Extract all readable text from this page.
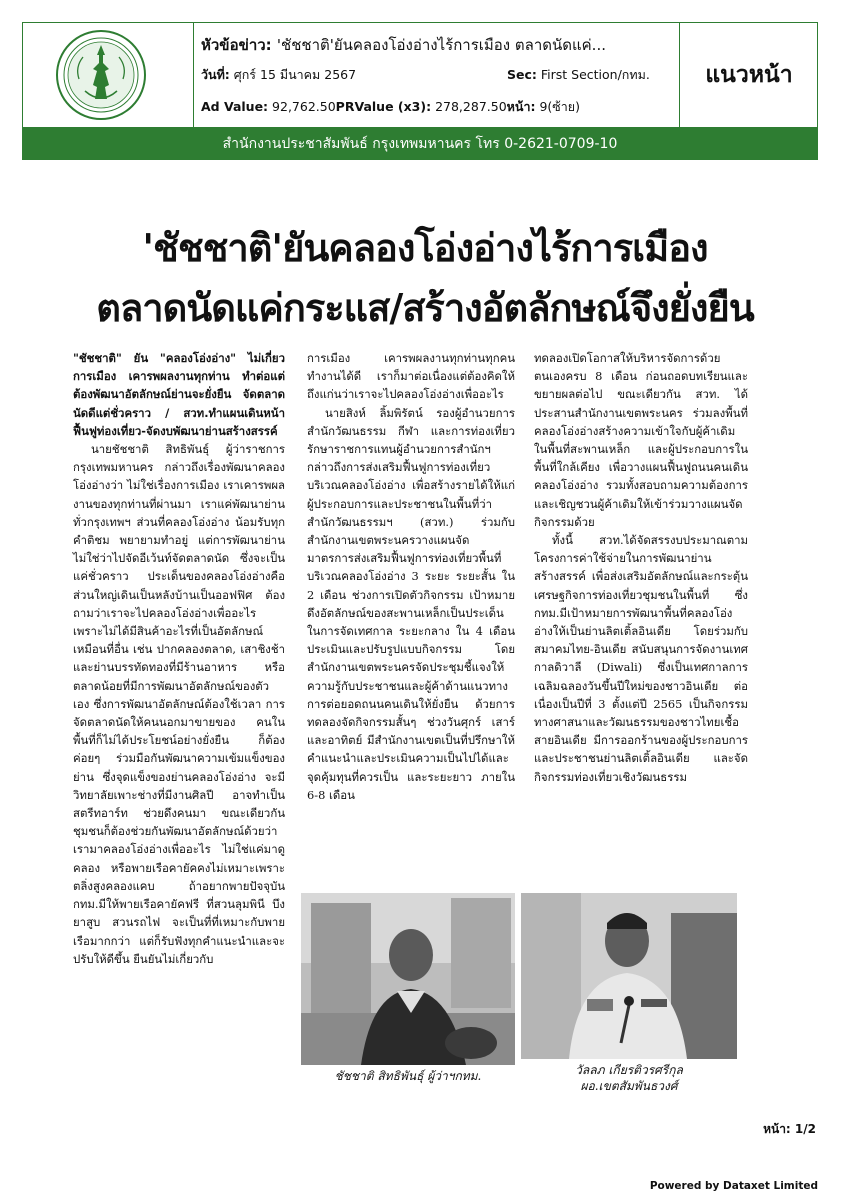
หัวข้อข่าว: 'ชัชชาติ'ยันคลองโอ่งอ่างไร้การเมือง ตลาดนัดแค่...
วันที่: ศุกร์ 15 มีนาคม 2567	Sec: First Section/กทม.
Ad Value: 92,762.50PRValue (x3): 278,287.50หน้า: 9(ซ้าย)
แนวหน้า
สำนักงานประชาสัมพันธ์ กรุงเทพมหานคร โทร 0-2621-0709-10
'ชัชชาติ'ยันคลองโอ่งอ่างไร้การเมือง
ตลาดนัดแค่กระแส/สร้างอัตลักษณ์จึงยั่งยืน

"ชัชชาติ" ยัน "คลองโอ่งอ่าง" ไม่เกี่ยวการเมือง เคารพผลงานทุกท่าน ทำต่อแต่ต้องพัฒนาอัตลักษณ์ย่านจะยั่งยืน จัดตลาดนัดดีแต่ชั่วคราว / สวท.ทำแผนเดินหน้าฟื้นฟูท่องเที่ยว-จัดงบพัฒนาย่านสร้างสรรค์

นายชัชชาติ สิทธิพันธุ์ ผู้ว่าราชการกรุงเทพมหานคร กล่าวถึงเรื่องพัฒนาคลองโอ่งอ่างว่า ไม่ใช่เรื่องการเมือง เราเคารพผลงานของทุกท่านที่ผ่านมา เราแค่พัฒนาย่านทั่วกรุงเทพฯ ส่วนที่คลองโอ่งอ่าง น้อมรับทุกคำติชม พยายามทำอยู่ แต่การพัฒนาย่านไม่ใช่ว่าไปจัดอีเว้นท์จัดตลาดนัด ซึ่งจะเป็นแค่ชั่วคราว ประเด็นของคลองโอ่งอ่างคือส่วนใหญ่เดินเป็นหลังบ้านเป็นออฟฟิศ ต้องถามว่าเราจะไปคลองโอ่งอ่างเพื่ออะไร เพราะไม่ได้มีสินค้าอะไรที่เป็นอัตลักษณ์เหมือนที่อื่น เช่น ปากคลองตลาด, เสาชิงช้าและย่านบรรทัดทองที่มีร้านอาหาร หรือตลาดน้อยที่มีการพัฒนาอัตลักษณ์ของตัวเอง ซึ่งการพัฒนาอัตลักษณ์ต้องใช้เวลา การจัดตลาดนัดให้คนนอกมาขายของ คนในพื้นที่ก็ไม่ได้ประโยชน์อย่างยั่งยืน ก็ต้องค่อยๆ ร่วมมือกันพัฒนาความเข้มแข็งของย่าน ซึ่งจุดแข็งของย่านคลองโอ่งอ่าง จะมีวิทยาลัยเพาะช่างที่มีงานศิลปี อาจทำเป็นสตรีทอาร์ท ช่วยดึงคนมา ขณะเดียวกันชุมชนก็ต้องช่วยกันพัฒนาอัตลักษณ์ด้วยว่าเรามาคลองโอ่งอ่างเพื่ออะไร ไม่ใช่แค่มาดูคลอง หรือพายเรือคายัคคงไม่เหมาะเพราะตลิ่งสูงคลองแคบ ถ้าอยากพายปัจจุบัน กทม.มีให้พายเรือคายัคฟรี ที่สวนลุมพินี บึงยาสูบ สวนรถไฟ จะเป็นที่ที่เหมาะกับพายเรือมากกว่า แต่ก็รับฟังทุกคำแนะนำและจะปรับให้ดีขึ้น ยืนยันไม่เกี่ยวกับ

การเมือง เคารพผลงานทุกท่านทุกคนทำงานได้ดี เราก็มาต่อเนื่องแต่ต้องคิดให้ถึงแก่นว่าเราจะไปคลองโอ่งอ่างเพื่ออะไร

นายสิงห์ ลิ้มพิรัตน์ รองผู้อำนวยการสำนักวัฒนธรรม กีฬา และการท่องเที่ยว รักษาราชการแทนผู้อำนวยการสำนักฯ กล่าวถึงการส่งเสริมฟื้นฟูการท่องเที่ยวบริเวณคลองโอ่งอ่าง เพื่อสร้างรายได้ให้แก่ผู้ประกอบการและประชาชนในพื้นที่ว่า สำนักวัฒนธรรมฯ (สวท.) ร่วมกับสำนักงานเขตพระนครวางแผนจัดมาตรการส่งเสริมฟื้นฟูการท่องเที่ยวพื้นที่บริเวณคลองโอ่งอ่าง 3 ระยะ ระยะสั้น ใน 2 เดือน ช่วงการเปิดตัวกิจกรรม เป้าหมายดึงอัตลักษณ์ของสะพานเหล็กเป็นประเด็นในการจัดเทศกาล ระยะกลาง ใน 4 เดือน ประเมินและปรับรูปแบบกิจกรรม โดยสำนักงานเขตพระนครจัดประชุมชี้แจงให้ความรู้กับประชาชนและผู้ค้าด้านแนวทางการต่อยอดถนนคนเดินให้ยั่งยืน ด้วยการทดลองจัดกิจกรรมสั้นๆ ช่วงวันศุกร์ เสาร์ และอาทิตย์ มีสำนักงานเขตเป็นที่ปรึกษาให้คำแนะนำและประเมินความเป็นไปได้และจุดคุ้มทุนที่ควรเป็น และระยะยาว ภายใน 6-8 เดือน

ทดลองเปิดโอกาสให้บริหารจัดการด้วยตนเองครบ 8 เดือน ก่อนถอดบทเรียนและขยายผลต่อไป ขณะเดียวกัน สวท. ได้ประสานสำนักงานเขตพระนคร ร่วมลงพื้นที่คลองโอ่งอ่างสร้างความเข้าใจกับผู้ค้าเดิมในพื้นที่สะพานเหล็ก และผู้ประกอบการในพื้นที่ใกล้เคียง เพื่อวางแผนฟื้นฟูถนนคนเดินคลองโอ่งอ่าง รวมทั้งสอบถามความต้องการ และเชิญชวนผู้ค้าเดิมให้เข้าร่วมวางแผนจัดกิจกรรมด้วย

ทั้งนี้ สวท.ได้จัดสรรงบประมาณตามโครงการค่าใช้จ่ายในการพัฒนาย่านสร้างสรรค์ เพื่อส่งเสริมอัตลักษณ์และกระตุ้นเศรษฐกิจการท่องเที่ยวชุมชนในพื้นที่ ซึ่ง กทม.มีเป้าหมายการพัฒนาพื้นที่คลองโอ่งอ่างให้เป็นย่านลิตเติ้ลอินเดีย โดยร่วมกับสมาคมไทย-อินเดีย สนับสนุนการจัดงานเทศกาลดิวาลี (Diwali) ซึ่งเป็นเทศกาลการเฉลิมฉลองวันขึ้นปีใหม่ของชาวอินเดีย ต่อเนื่องเป็นปีที่ 3 ตั้งแต่ปี 2565 เป็นกิจกรรมทางศาสนาและวัฒนธรรมของชาวไทยเชื้อสายอินเดีย มีการออกร้านของผู้ประกอบการและประชาชนย่านลิตเติ้ลอินเดีย และจัดกิจกรรมท่องเที่ยวเชิงวัฒนธรรม

ชัชชาติ สิทธิพันธุ์ ผู้ว่าฯกทม.	วัลลภ เกียรติวรศรีกุล
ผอ.เขตสัมพันธวงศ์
หน้า: 1/2
Powered by Dataxet Limited
